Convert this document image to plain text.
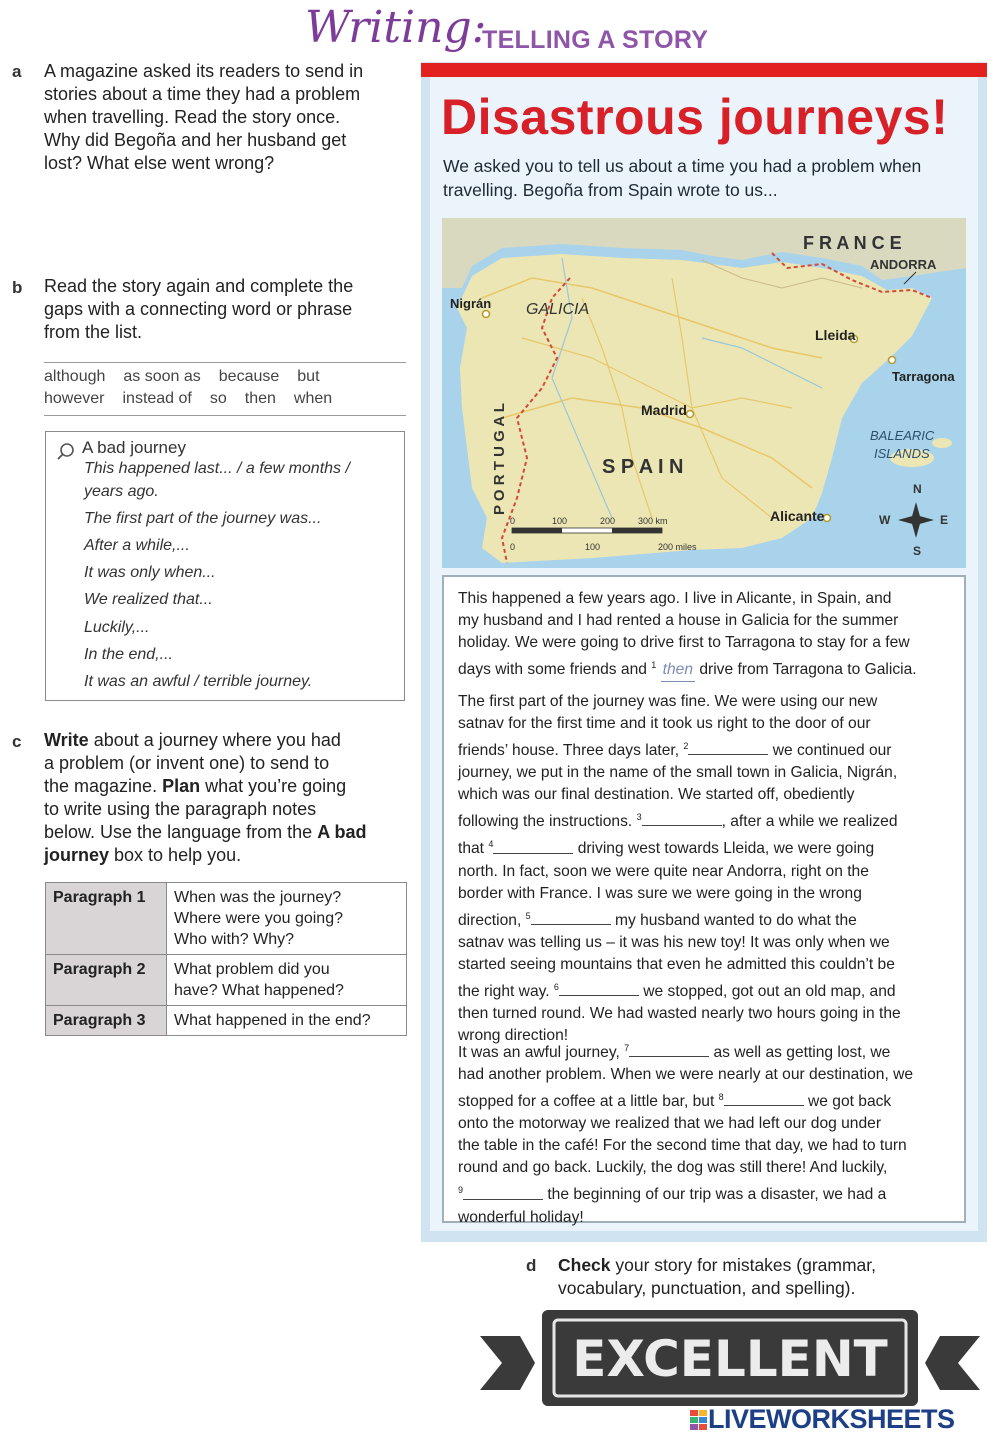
Writing:
TELLING A STORY
a A magazine asked its readers to send in
stories about a time they had a problem
when travelling. Read the story once.
Why did Begoña and her husband get
lost? What else went wrong?
b Read the story again and complete the
gaps with a connecting word or phrase
from the list.
although as soon as because but
however instead of so then when
A bad journey
This happened last... / a few months /
years ago.
The first part of the journey was...
After a while,...
It was only when...
We realized that...
Luckily,...
In the end,...
It was an awful / terrible journey.
c Write about a journey where you had
a problem (or invent one) to send to
the magazine. Plan what you’re going
to write using the paragraph notes
below. Use the language from the A bad
journey box to help you.
Paragraph 1	When was the journey?
Where were you going?
Who with? Why?

Paragraph 2	What problem did you
have? What happened?

Paragraph 3	What happened in the end?
Disastrous journeys!
We asked you to tell us about a time you had a problem when
travelling. Begoña from Spain wrote to us...
F R A N C E
ANDORRA
Nigrán GALICIA
Lleida
Tarragona
Madrid
P O R T U G A L	S P A I N
BALEARIC
ISLANDS
Alicante
N
S
E
W
0	100	200	300 km
0	100	200 miles

This happened a few years ago. I live in Alicante, in Spain, and
my husband and I had rented a house in Galicia for the summer
holiday. We were going to drive first to Tarragona to stay for a few
days with some friends and $^1$ then drive from Tarragona to Galicia.

The first part of the journey was fine. We were using our new
satnav for the first time and it took us right to the door of our
friends’ house. Three days later, $^2$	we continued our
journey, we put in the name of the small town in Galicia, Nigrán,
which was our final destination. We started off, obediently
following the instructions. $^3$	, after a while we realized
that $^4$	driving west towards Lleida, we were going
north. In fact, soon we were quite near Andorra, right on the
border with France. I was sure we were going in the wrong
direction, $^5$	my husband wanted to do what the
satnav was telling us – it was his new toy! It was only when we
started seeing mountains that even he admitted this couldn’t be
the right way. $^6$	we stopped, got out an old map, and
then turned round. We had wasted nearly two hours going in the
wrong direction!

It was an awful journey, $^7$	as well as getting lost, we
had another problem. When we were nearly at our destination, we
stopped for a coffee at a little bar, but $^8$	we got back
onto the motorway we realized that we had left our dog under
the table in the café! For the second time that day, we had to turn
round and go back. Luckily, the dog was still there! And luckily,
$^9$	the beginning of our trip was a disaster, we had a
wonderful holiday!

d Check your story for mistakes (grammar,
vocabulary, punctuation, and spelling).
EXCELLENT
LIVEWORKSHEETS
